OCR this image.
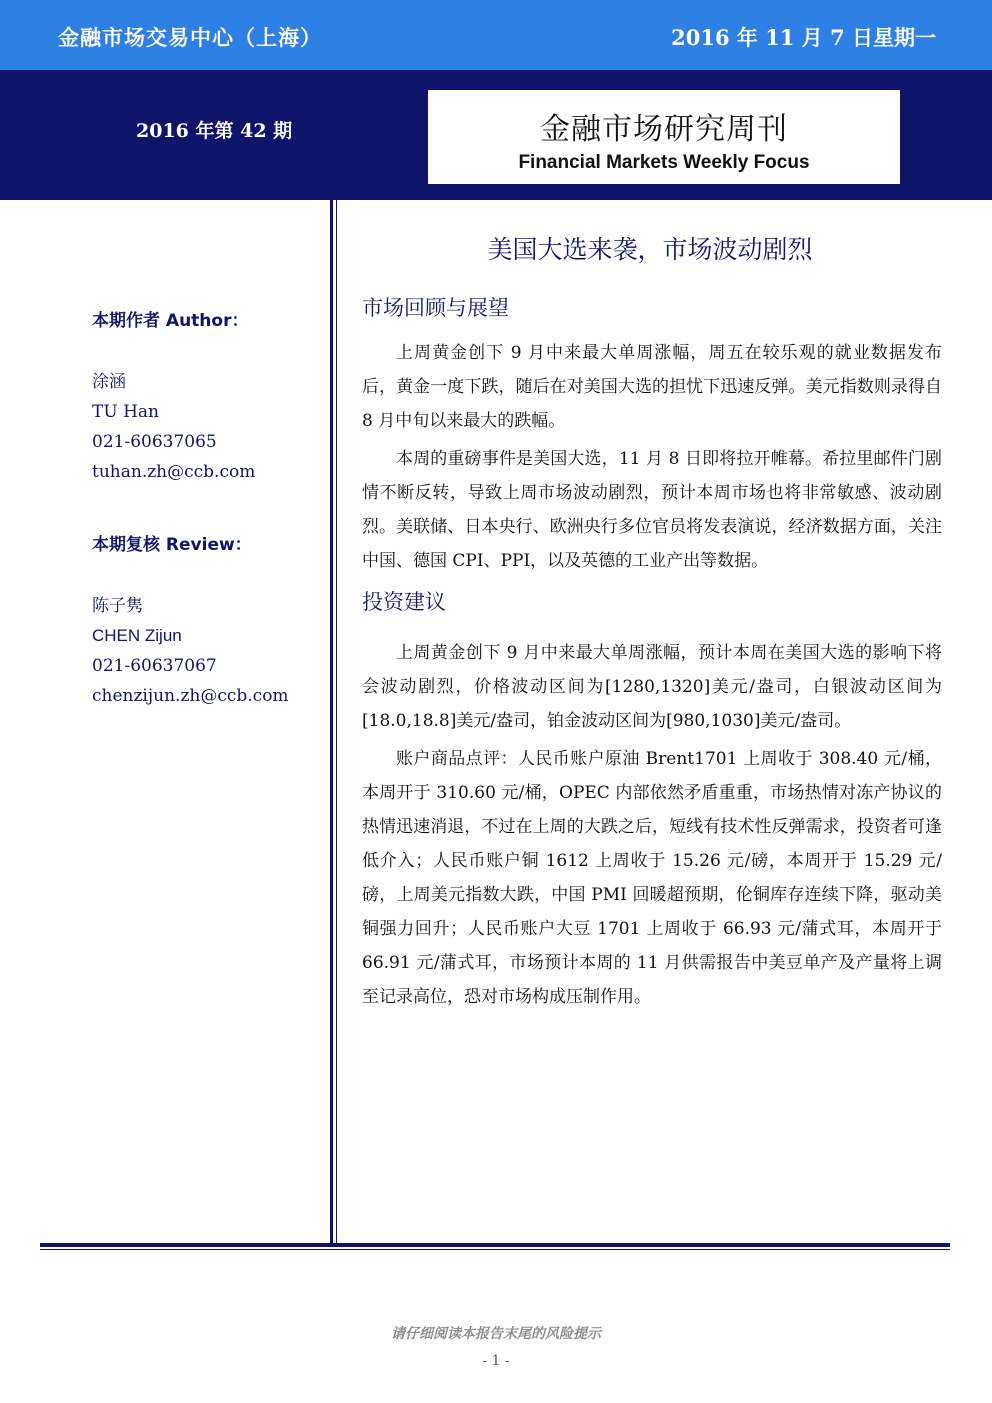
金融市场交易中心（上海）	2016 年 11 月 7 日星期一
2016 年第 42 期	金融市场研究周刊
Financial Markets Weekly Focus
本期作者 Author：
涂涵
TU Han
021-60637065
tuhan.zh@ccb.com
本期复核 Review：
陈子隽
CHEN Zijun
021-60637067
chenzijun.zh@ccb.com
美国大选来袭，市场波动剧烈
市场回顾与展望

上周黄金创下 9 月中来最大单周涨幅，周五在较乐观的就业数据发布后，黄金一度下跌，随后在对美国大选的担忧下迅速反弹。美元指数则录得自 8 月中旬以来最大的跌幅。

本周的重磅事件是美国大选，11 月 8 日即将拉开帷幕。希拉里邮件门剧情不断反转，导致上周市场波动剧烈，预计本周市场也将非常敏感、波动剧烈。美联储、日本央行、欧洲央行多位官员将发表演说，经济数据方面，关注中国、德国 CPI、PPI，以及英德的工业产出等数据。

投资建议

上周黄金创下 9 月中来最大单周涨幅，预计本周在美国大选的影响下将会波动剧烈，价格波动区间为[1280,1320]美元/盎司，白银波动区间为[18.0,18.8]美元/盎司，铂金波动区间为[980,1030]美元/盎司。

账户商品点评：人民币账户原油 Brent1701 上周收于 308.40 元/桶，本周开于 310.60 元/桶，OPEC 内部依然矛盾重重，市场热情对冻产协议的热情迅速消退，不过在上周的大跌之后，短线有技术性反弹需求，投资者可逢低介入；人民币账户铜 1612 上周收于 15.26 元/磅，本周开于 15.29 元/磅，上周美元指数大跌，中国 PMI 回暖超预期，伦铜库存连续下降，驱动美铜强力回升；人民币账户大豆 1701 上周收于 66.93 元/蒲式耳，本周开于 66.91 元/蒲式耳，市场预计本周的 11 月供需报告中美豆单产及产量将上调至记录高位，恐对市场构成压制作用。

请仔细阅读本报告末尾的风险提示
- 1 -
